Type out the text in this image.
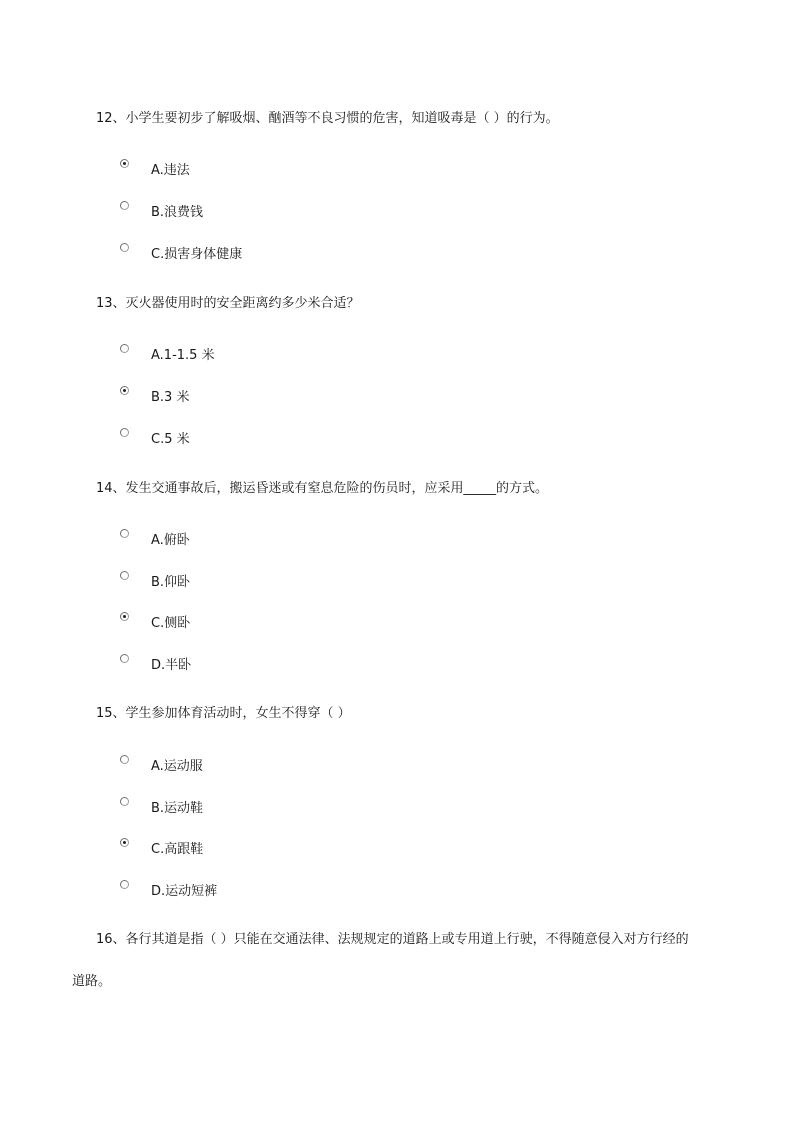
12、小学生要初步了解吸烟、酗酒等不良习惯的危害，知道吸毒是（ ）的行为。
A.违法
B.浪费钱
C.损害身体健康
13、灭火器使用时的安全距离约多少米合适？
A.1-1.5 米
B.3 米
C.5 米
14、发生交通事故后，搬运昏迷或有窒息危险的伤员时，应采用_____的方式。
A.俯卧
B.仰卧
C.侧卧
D.半卧
15、学生参加体育活动时，女生不得穿（ ）
A.运动服
B.运动鞋
C.高跟鞋
D.运动短裤
16、各行其道是指（ ）只能在交通法律、法规规定的道路上或专用道上行驶，不得随意侵入对方行经的
道路。
